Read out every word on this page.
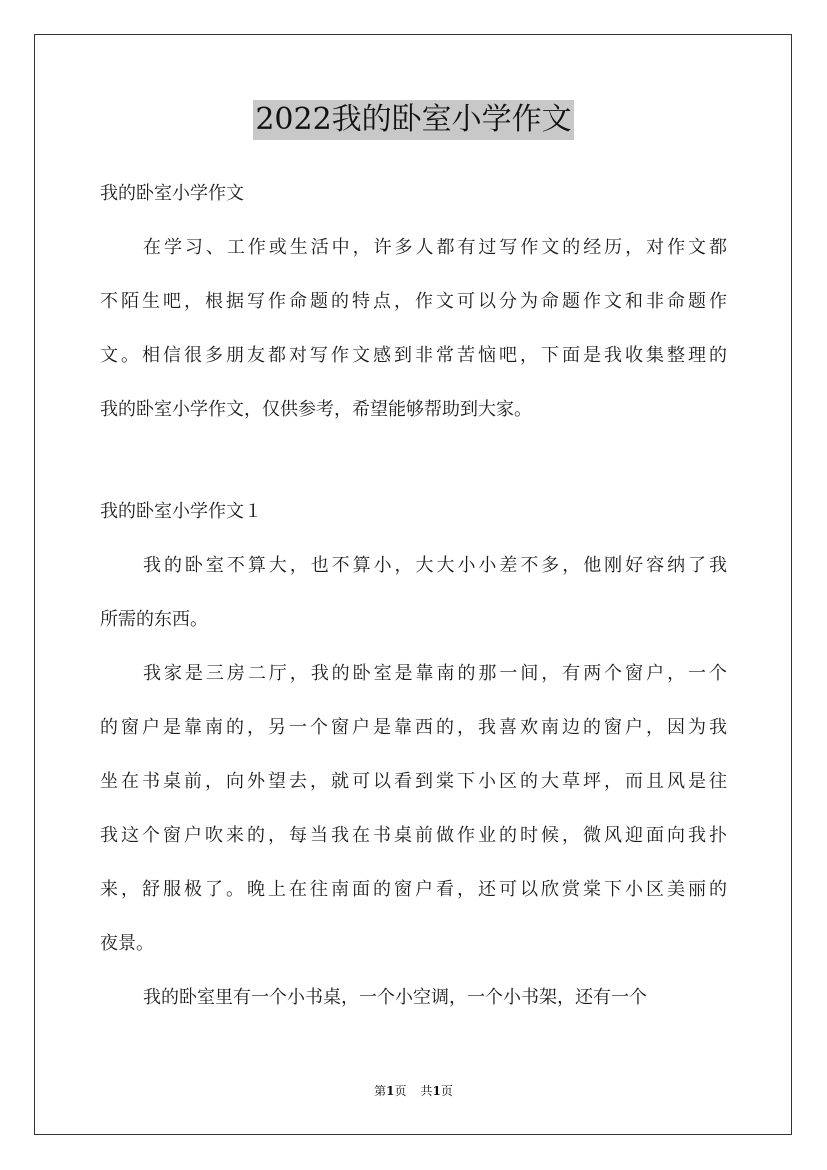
2022我的卧室小学作文
我的卧室小学作文
在学习、工作或生活中，许多人都有过写作文的经历，对作文都
不陌生吧，根据写作命题的特点，作文可以分为命题作文和非命题作
文。相信很多朋友都对写作文感到非常苦恼吧，下面是我收集整理的
我的卧室小学作文，仅供参考，希望能够帮助到大家。
我的卧室小学作文１
我的卧室不算大，也不算小，大大小小差不多，他刚好容纳了我
所需的东西。
我家是三房二厅，我的卧室是靠南的那一间，有两个窗户，一个
的窗户是靠南的，另一个窗户是靠西的，我喜欢南边的窗户，因为我
坐在书桌前，向外望去，就可以看到棠下小区的大草坪，而且风是往
我这个窗户吹来的，每当我在书桌前做作业的时候，微风迎面向我扑
来，舒服极了。晚上在往南面的窗户看，还可以欣赏棠下小区美丽的
夜景。
我的卧室里有一个小书桌，一个小空调，一个小书架，还有一个
第1页 共1页
